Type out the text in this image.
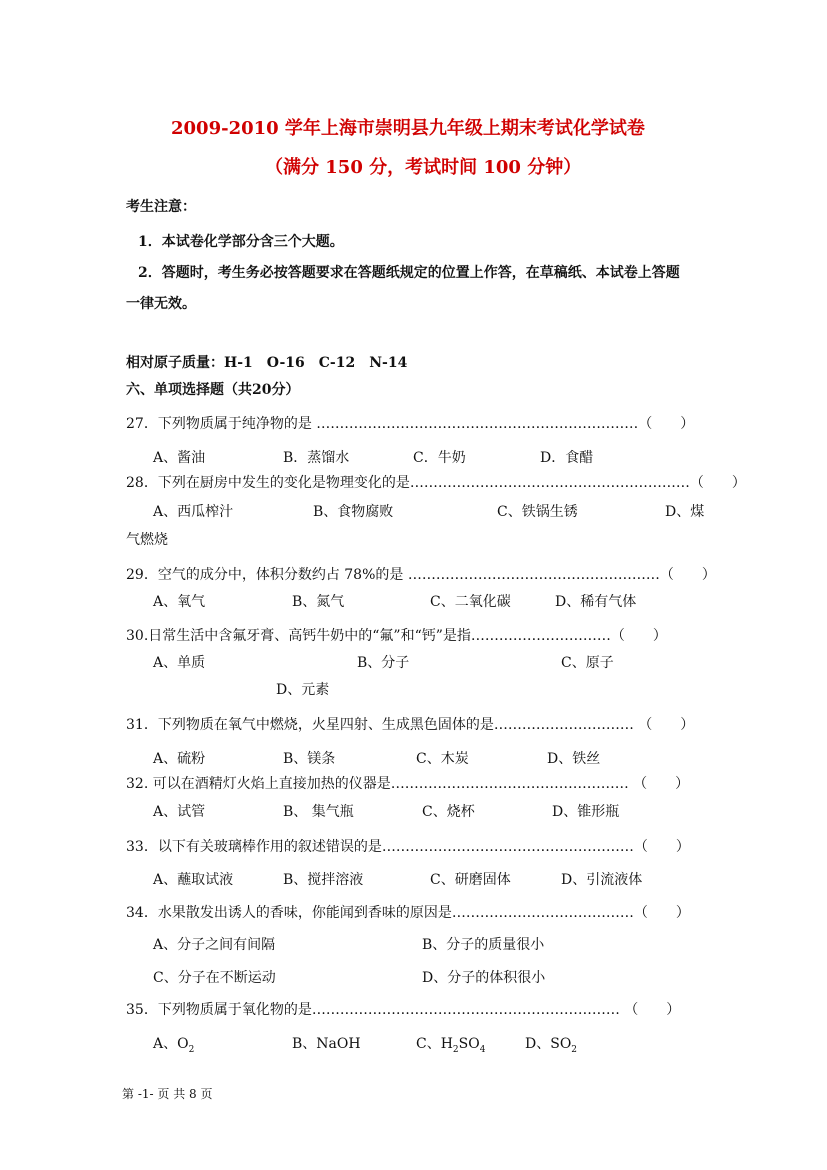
2009-2010 学年上海市崇明县九年级上期末考试化学试卷
（满分 150 分，考试时间 100 分钟）
考生注意：
1．本试卷化学部分含三个大题。
2．答题时，考生务必按答题要求在答题纸规定的位置上作答，在草稿纸、本试卷上答题
一律无效。
相对原子质量：H-1　O-16　C-12　N-14
六、单项选择题（共20分）
27．下列物质属于纯净物的是 ……………………………………………………………（　　）
A、酱油	B．蒸馏水	C．牛奶	D．食醋
28．下列在厨房中发生的变化是物理变化的是……………………………………………………（　　）
A、西瓜榨汁	B、食物腐败	C、铁锅生锈	D、煤
气燃烧
29．空气的成分中，体积分数约占 78%的是 ………………………………………………（　　）
A、氧气	B、氮气	C、二氧化碳	D、稀有气体
30.日常生活中含氟牙膏、高钙牛奶中的“氟”和“钙”是指…………………………（　　）
A、单质	B、分子	C、原子
D、元素
31．下列物质在氧气中燃烧，火星四射、生成黑色固体的是………………………… （　　）
A、硫粉	B、镁条	C、木炭	D、铁丝
32. 可以在酒精灯火焰上直接加热的仪器是…………………………………………… （　　）
A、试管	B、 集气瓶	C、烧杯	D、锥形瓶
33．以下有关玻璃棒作用的叙述错误的是………………………………………………（　　）
A、蘸取试液	B、搅拌溶液	C、研磨固体	D、引流液体
34．水果散发出诱人的香味，你能闻到香味的原因是…………………………………（　　）
A、分子之间有间隔	B、分子的质量很小
C、分子在不断运动	D、分子的体积很小
35．下列物质属于氧化物的是………………………………………………………… （　　）
A、$O_2$	B、NaOH	C、$H_2SO_4$	D、$SO_2$
第 -1- 页 共 8 页
